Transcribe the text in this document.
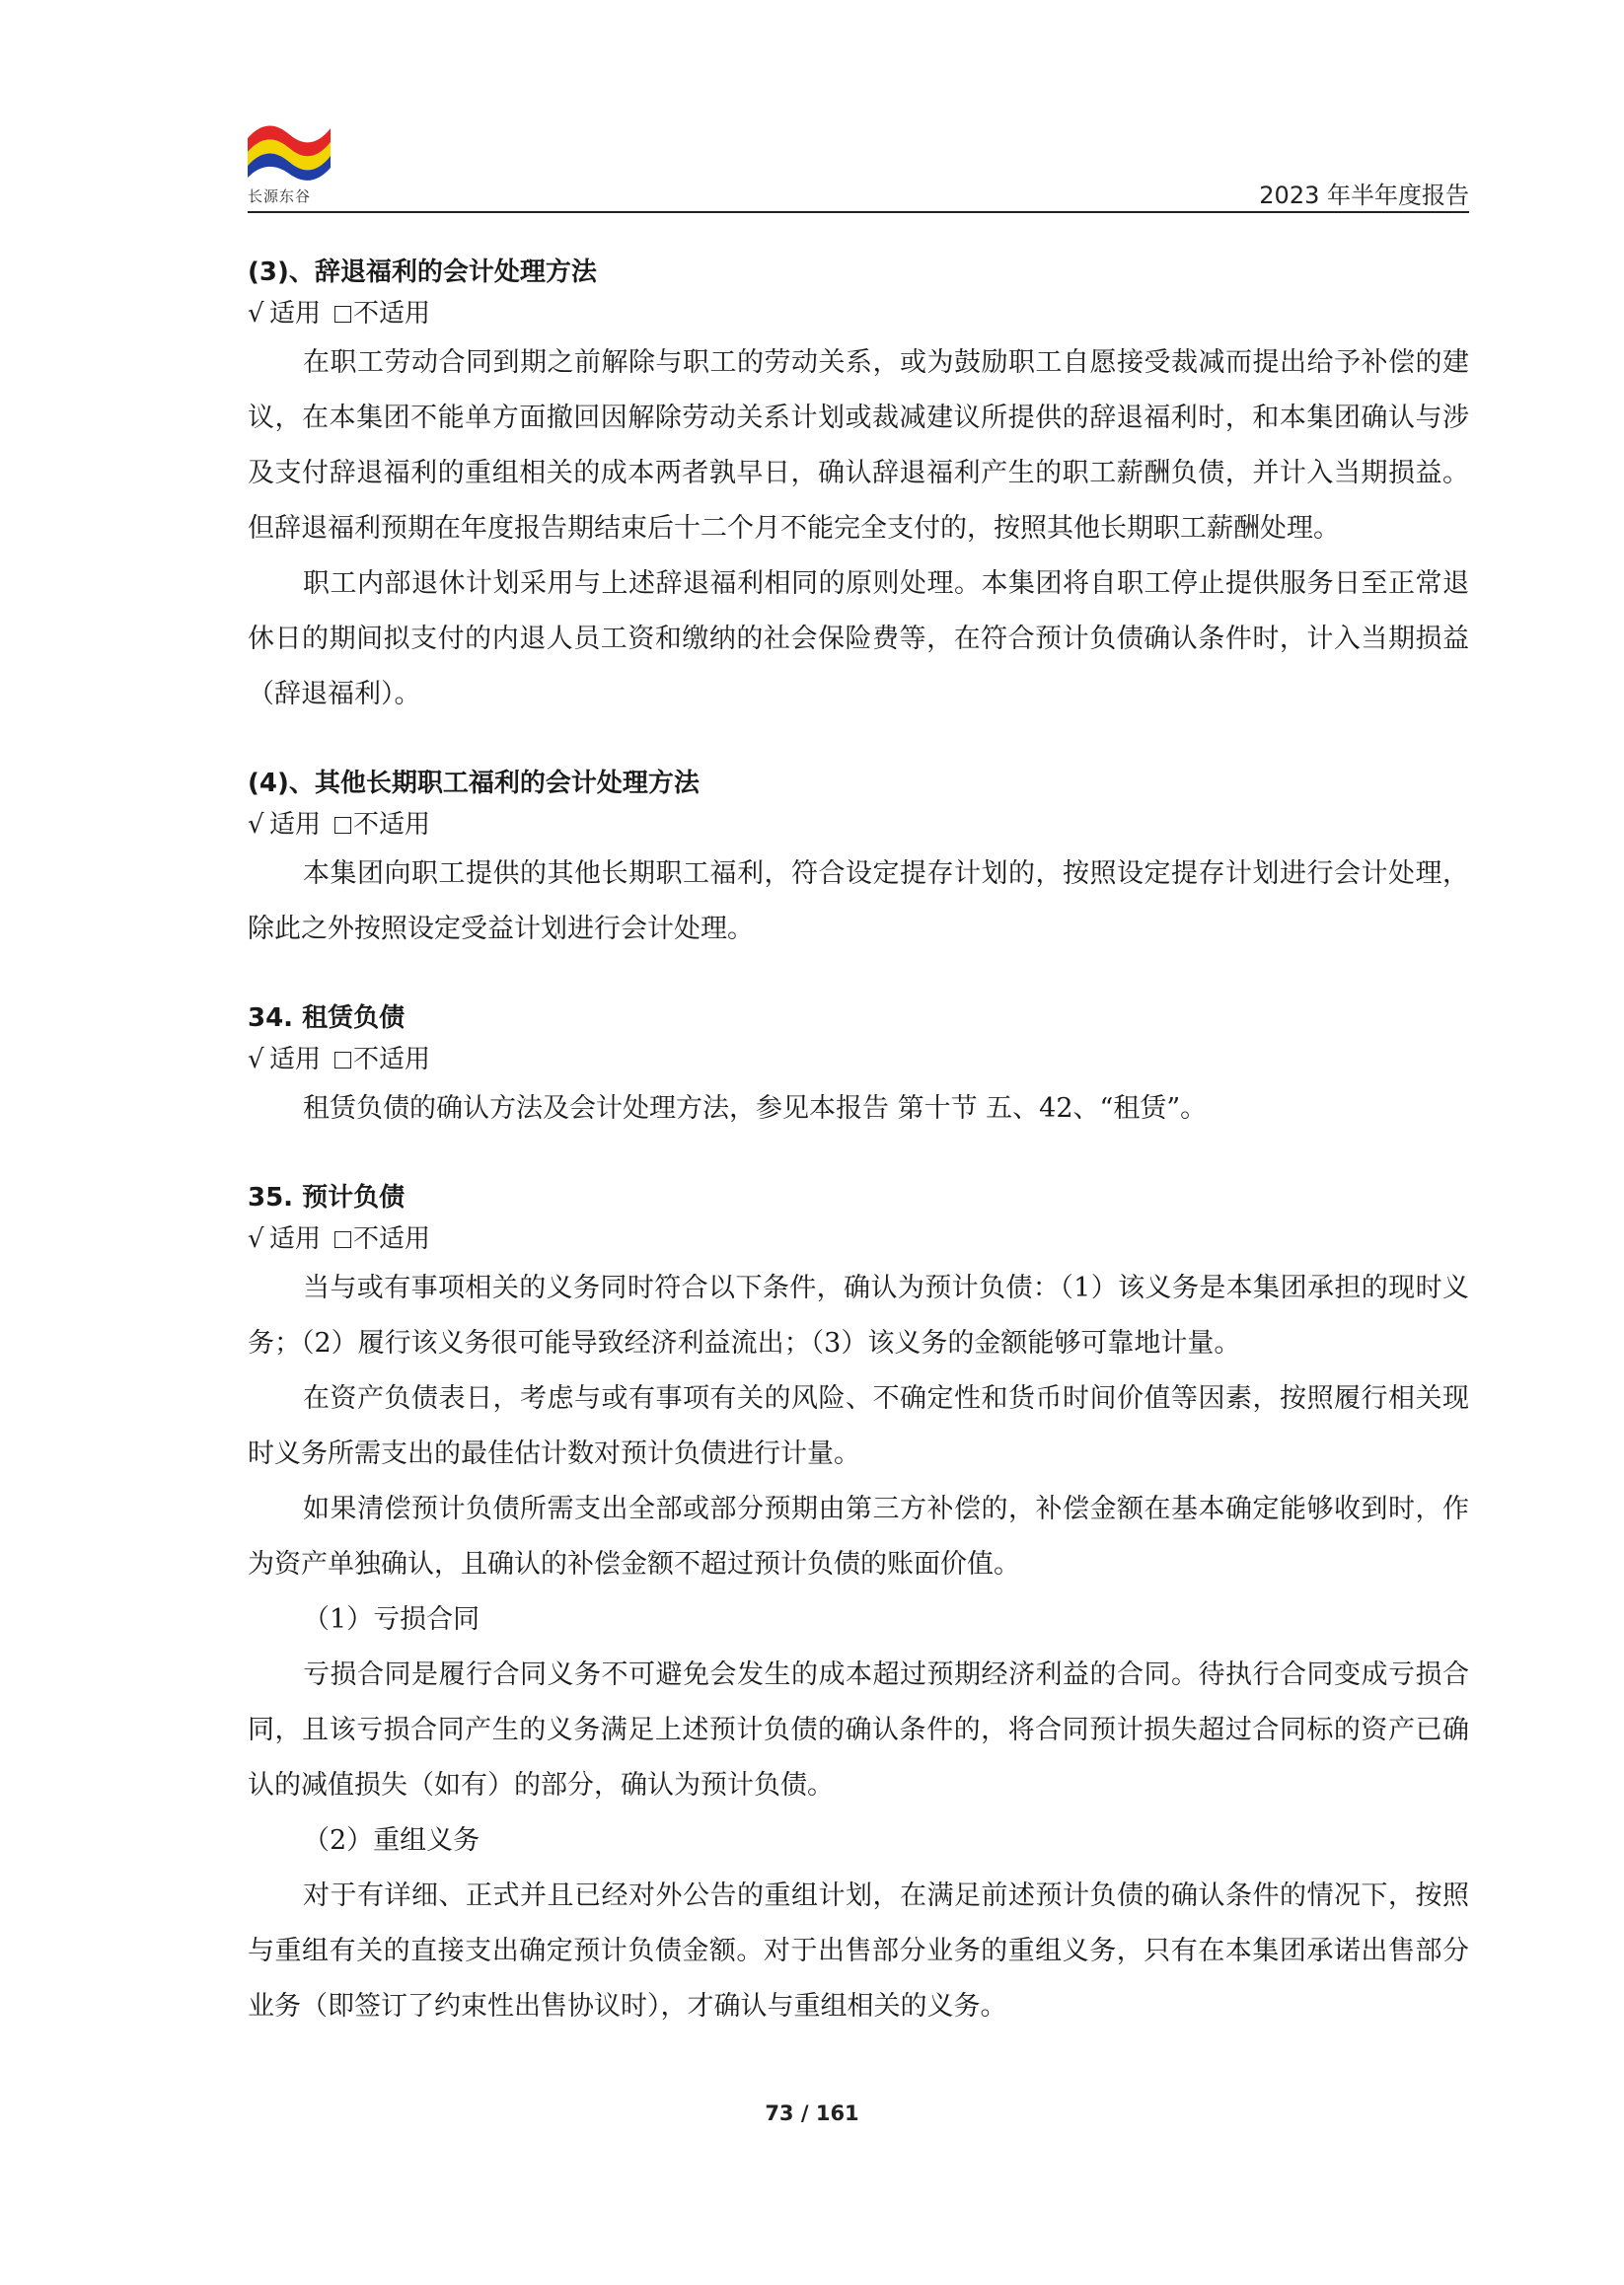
长源东谷	2023 年半年度报告
(3)、辞退福利的会计处理方法
√ 适用 不适用

在职工劳动合同到期之前解除与职工的劳动关系，或为鼓励职工自愿接受裁减而提出给予补偿的建议，在本集团不能单方面撤回因解除劳动关系计划或裁减建议所提供的辞退福利时，和本集团确认与涉及支付辞退福利的重组相关的成本两者孰早日，确认辞退福利产生的职工薪酬负债，并计入当期损益。但辞退福利预期在年度报告期结束后十二个月不能完全支付的，按照其他长期职工薪酬处理。

职工内部退休计划采用与上述辞退福利相同的原则处理。本集团将自职工停止提供服务日至正常退休日的期间拟支付的内退人员工资和缴纳的社会保险费等，在符合预计负债确认条件时，计入当期损益（辞退福利）。

(4)、其他长期职工福利的会计处理方法
√ 适用 不适用

本集团向职工提供的其他长期职工福利，符合设定提存计划的，按照设定提存计划进行会计处理，除此之外按照设定受益计划进行会计处理。

34. 租赁负债
√ 适用 不适用

租赁负债的确认方法及会计处理方法，参见本报告 第十节 五、42、“租赁”。

35. 预计负债
√ 适用 不适用

当与或有事项相关的义务同时符合以下条件，确认为预计负债：（1）该义务是本集团承担的现时义务；（2）履行该义务很可能导致经济利益流出；（3）该义务的金额能够可靠地计量。

在资产负债表日，考虑与或有事项有关的风险、不确定性和货币时间价值等因素，按照履行相关现时义务所需支出的最佳估计数对预计负债进行计量。

如果清偿预计负债所需支出全部或部分预期由第三方补偿的，补偿金额在基本确定能够收到时，作为资产单独确认，且确认的补偿金额不超过预计负债的账面价值。

（1）亏损合同

亏损合同是履行合同义务不可避免会发生的成本超过预期经济利益的合同。待执行合同变成亏损合同，且该亏损合同产生的义务满足上述预计负债的确认条件的，将合同预计损失超过合同标的资产已确认的减值损失（如有）的部分，确认为预计负债。

（2）重组义务

对于有详细、正式并且已经对外公告的重组计划，在满足前述预计负债的确认条件的情况下，按照与重组有关的直接支出确定预计负债金额。对于出售部分业务的重组义务，只有在本集团承诺出售部分业务（即签订了约束性出售协议时），才确认与重组相关的义务。

73 / 161
